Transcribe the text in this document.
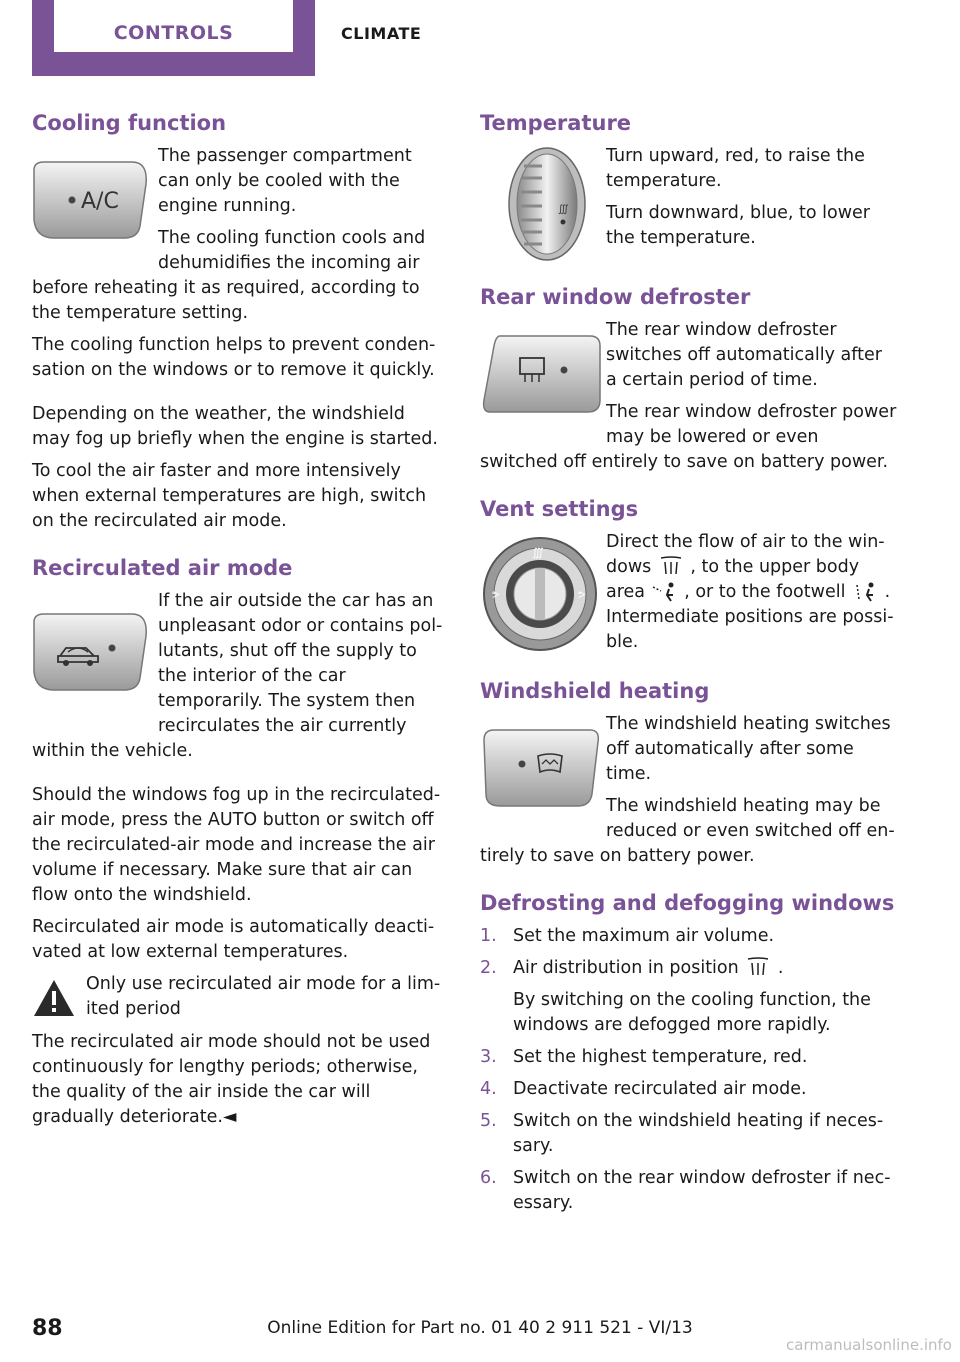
CONTROLS	CLIMATE
Cooling function
A/C

The passenger compartment can only be cooled with the engine running.

The cooling function cools and dehumidifies the incoming air before reheating it as required, according to the temperature setting.

The cooling function helps to prevent conden-sation on the windows or to remove it quickly.

Depending on the weather, the windshield may fog up briefly when the engine is started.

To cool the air faster and more intensively when external temperatures are high, switch on the recirculated air mode.

Recirculated air mode

If the air outside the car has an unpleasant odor or contains pol-lutants, shut off the supply to the interior of the car temporarily. The system then recirculates the air currently within the vehicle.

Should the windows fog up in the recirculated-air mode, press the AUTO button or switch off the recirculated-air mode and increase the air volume if necessary. Make sure that air can flow onto the windshield.

Recirculated air mode is automatically deacti-vated at low external temperatures.

Only use recirculated air mode for a lim-ited period

The recirculated air mode should not be used continuously for lengthy periods; otherwise, the quality of the air inside the car will gradually deteriorate.◄

Temperature
∭

Turn upward, red, to raise the temperature.

Turn downward, blue, to lower the temperature.

Rear window defroster

The rear window defroster switches off automatically after a certain period of time.

The rear window defroster power may be lowered or even switched off entirely to save on battery power.

Vent settings
∭
ᕗ	ᕗ

Direct the flow of air to the win-dows , to the upper body area , or to the footwell . Intermediate positions are possi-ble.

Windshield heating

The windshield heating switches off automatically after some time.

The windshield heating may be reduced or even switched off en-tirely to save on battery power.

Defrosting and defogging windows
1. Set the maximum air volume.
2. Air distribution in position .
By switching on the cooling function, the windows are defogged more rapidly.
3. Set the highest temperature, red.
4. Deactivate recirculated air mode.
5. Switch on the windshield heating if neces-sary.
6. Switch on the rear window defroster if nec-essary.
88	Online Edition for Part no. 01 40 2 911 521 - VI/13
carmanualsonline.info
